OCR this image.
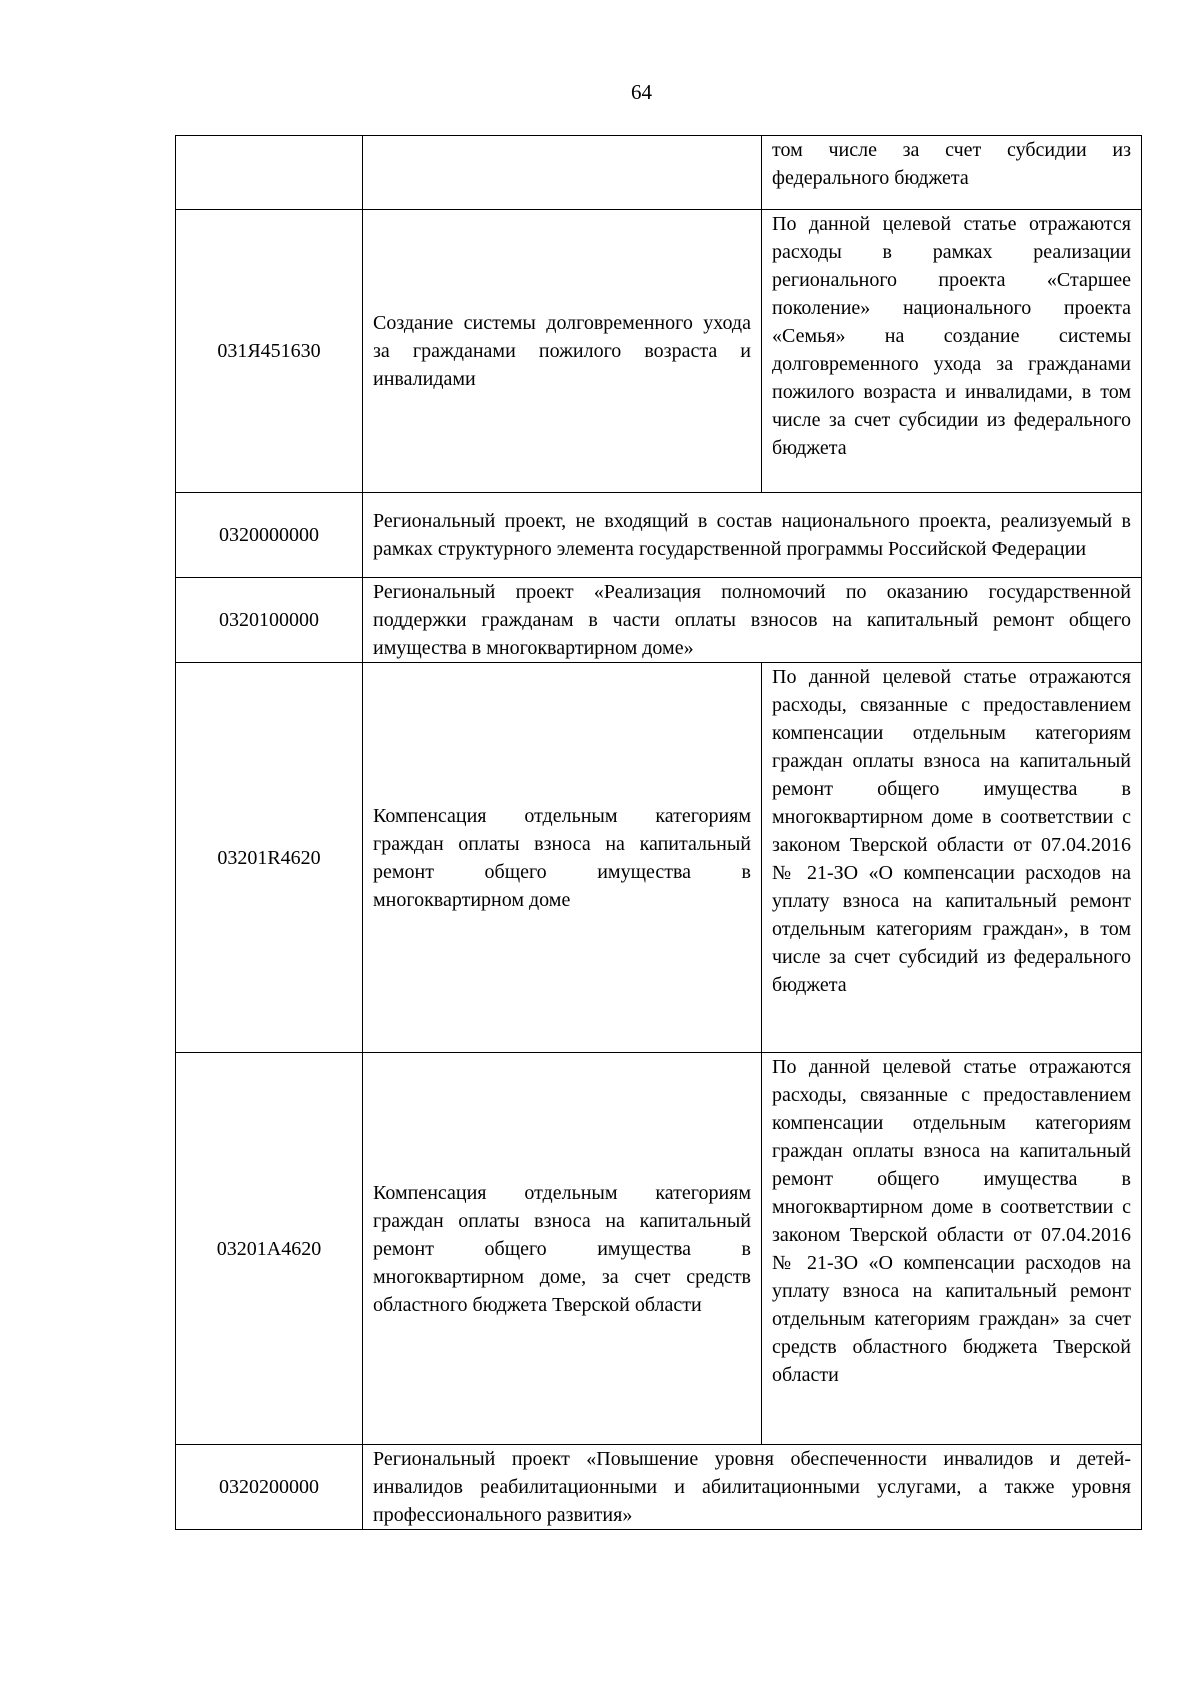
64
		том числе за счет субсидии из федерального бюджета
031Я451630	Создание системы долговременного ухода за гражданами пожилого возраста и инвалидами	По данной целевой статье отражаются расходы в рамках реализации регионального проекта «Старшее поколение» национального проекта «Семья» на создание системы долговременного ухода за гражданами пожилого возраста и инвалидами, в том числе за счет субсидии из федерального бюджета
0320000000	Региональный проект, не входящий в состав национального проекта, реализуемый в рамках структурного элемента государственной программы Российской Федерации	
0320100000	Региональный проект «Реализация полномочий по оказанию государственной поддержки гражданам в части оплаты взносов на капитальный ремонт общего имущества в многоквартирном доме»	
03201R4620	Компенсация отдельным категориям граждан оплаты взноса на капитальный ремонт общего имущества в многоквартирном доме	По данной целевой статье отражаются расходы, связанные с предоставлением компенсации отдельным категориям граждан оплаты взноса на капитальный ремонт общего имущества в многоквартирном доме в соответствии с законом Тверской области от 07.04.2016 № 21-ЗО «О компенсации расходов на уплату взноса на капитальный ремонт отдельным категориям граждан», в том числе за счет субсидий из федерального бюджета
03201А4620	Компенсация отдельным категориям граждан оплаты взноса на капитальный ремонт общего имущества в многоквартирном доме, за счет средств областного бюджета Тверской области	По данной целевой статье отражаются расходы, связанные с предоставлением компенсации отдельным категориям граждан оплаты взноса на капитальный ремонт общего имущества в многоквартирном доме в соответствии с законом Тверской области от 07.04.2016 № 21-ЗО «О компенсации расходов на уплату взноса на капитальный ремонт отдельным категориям граждан» за счет средств областного бюджета Тверской области
0320200000	Региональный проект «Повышение уровня обеспеченности инвалидов и детей-инвалидов реабилитационными и абилитационными услугами, а также уровня профессионального развития»	
